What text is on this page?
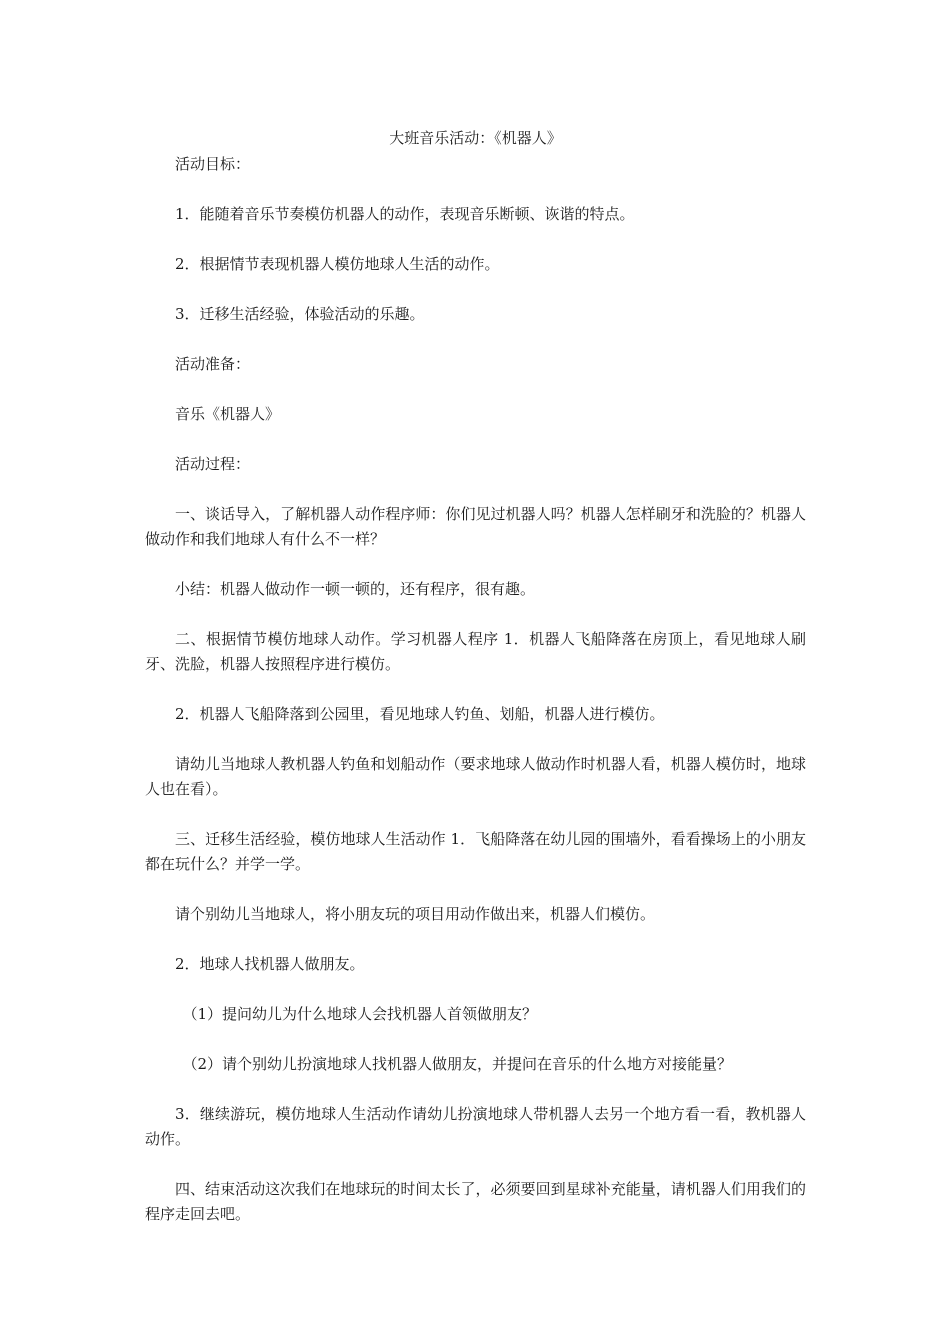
大班音乐活动：《机器人》

活动目标：

1．能随着音乐节奏模仿机器人的动作，表现音乐断顿、诙谐的特点。

2．根据情节表现机器人模仿地球人生活的动作。

3．迁移生活经验，体验活动的乐趣。

活动准备：

音乐《机器人》

活动过程：

一、谈话导入，了解机器人动作程序师：你们见过机器人吗？机器人怎样刷牙和洗脸的？机器人做动作和我们地球人有什么不一样？

小结：机器人做动作一顿一顿的，还有程序，很有趣。

二、根据情节模仿地球人动作。学习机器人程序 1．机器人飞船降落在房顶上，看见地球人刷牙、洗脸，机器人按照程序进行模仿。

2．机器人飞船降落到公园里，看见地球人钓鱼、划船，机器人进行模仿。

请幼儿当地球人教机器人钓鱼和划船动作（要求地球人做动作时机器人看，机器人模仿时，地球人也在看）。

三、迁移生活经验，模仿地球人生活动作 1．飞船降落在幼儿园的围墙外，看看操场上的小朋友都在玩什么？并学一学。

请个别幼儿当地球人，将小朋友玩的项目用动作做出来，机器人们模仿。

2．地球人找机器人做朋友。

（1）提问幼儿为什么地球人会找机器人首领做朋友？

（2）请个别幼儿扮演地球人找机器人做朋友，并提问在音乐的什么地方对接能量？

3．继续游玩，模仿地球人生活动作请幼儿扮演地球人带机器人去另一个地方看一看，教机器人动作。

四、结束活动这次我们在地球玩的时间太长了，必须要回到星球补充能量，请机器人们用我们的程序走回去吧。
